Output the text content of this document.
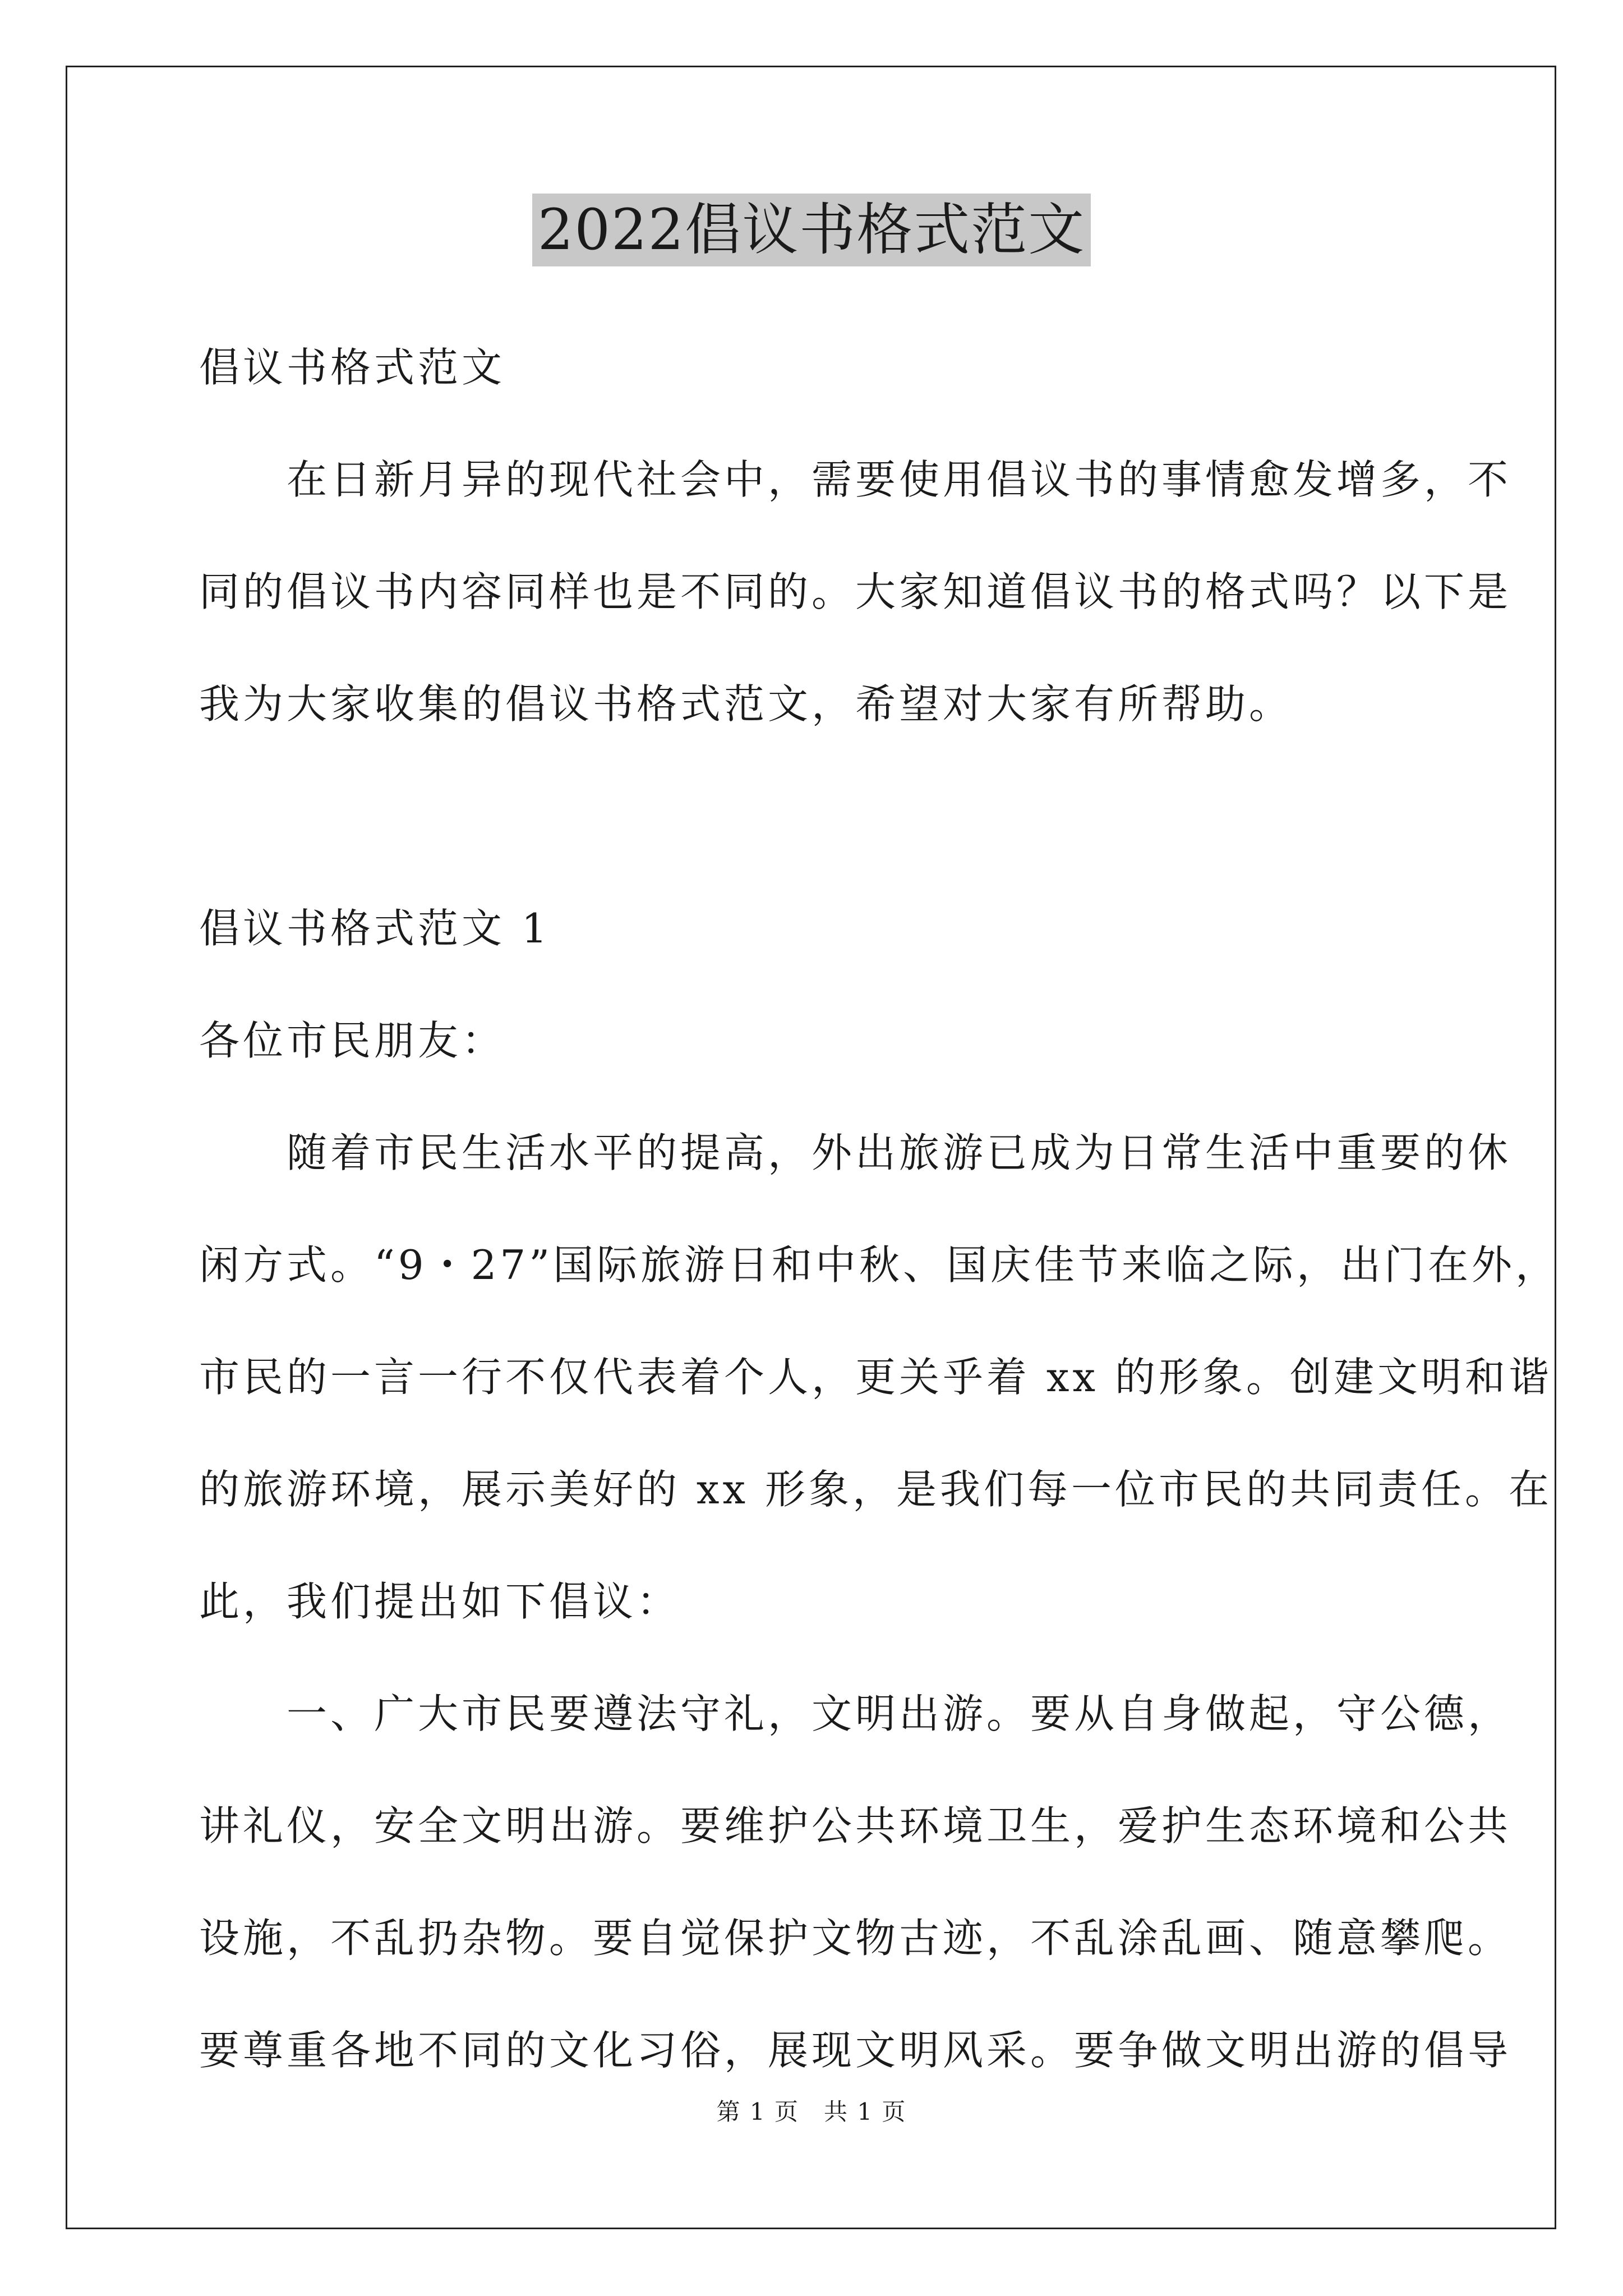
2022倡议书格式范文
倡议书格式范文
　　在日新月异的现代社会中，需要使用倡议书的事情愈发增多，不
同的倡议书内容同样也是不同的。大家知道倡议书的格式吗？以下是
我为大家收集的倡议书格式范文，希望对大家有所帮助。
倡议书格式范文 1
各位市民朋友：
　　随着市民生活水平的提高，外出旅游已成为日常生活中重要的休
闲方式。“9・27”国际旅游日和中秋、国庆佳节来临之际，出门在外，
市民的一言一行不仅代表着个人，更关乎着 xx 的形象。创建文明和谐
的旅游环境，展示美好的 xx 形象，是我们每一位市民的共同责任。在
此，我们提出如下倡议：
　　一、广大市民要遵法守礼，文明出游。要从自身做起，守公德，
讲礼仪，安全文明出游。要维护公共环境卫生，爱护生态环境和公共
设施，不乱扔杂物。要自觉保护文物古迹，不乱涂乱画、随意攀爬。
要尊重各地不同的文化习俗，展现文明风采。要争做文明出游的倡导
第 1 页　共 1 页
